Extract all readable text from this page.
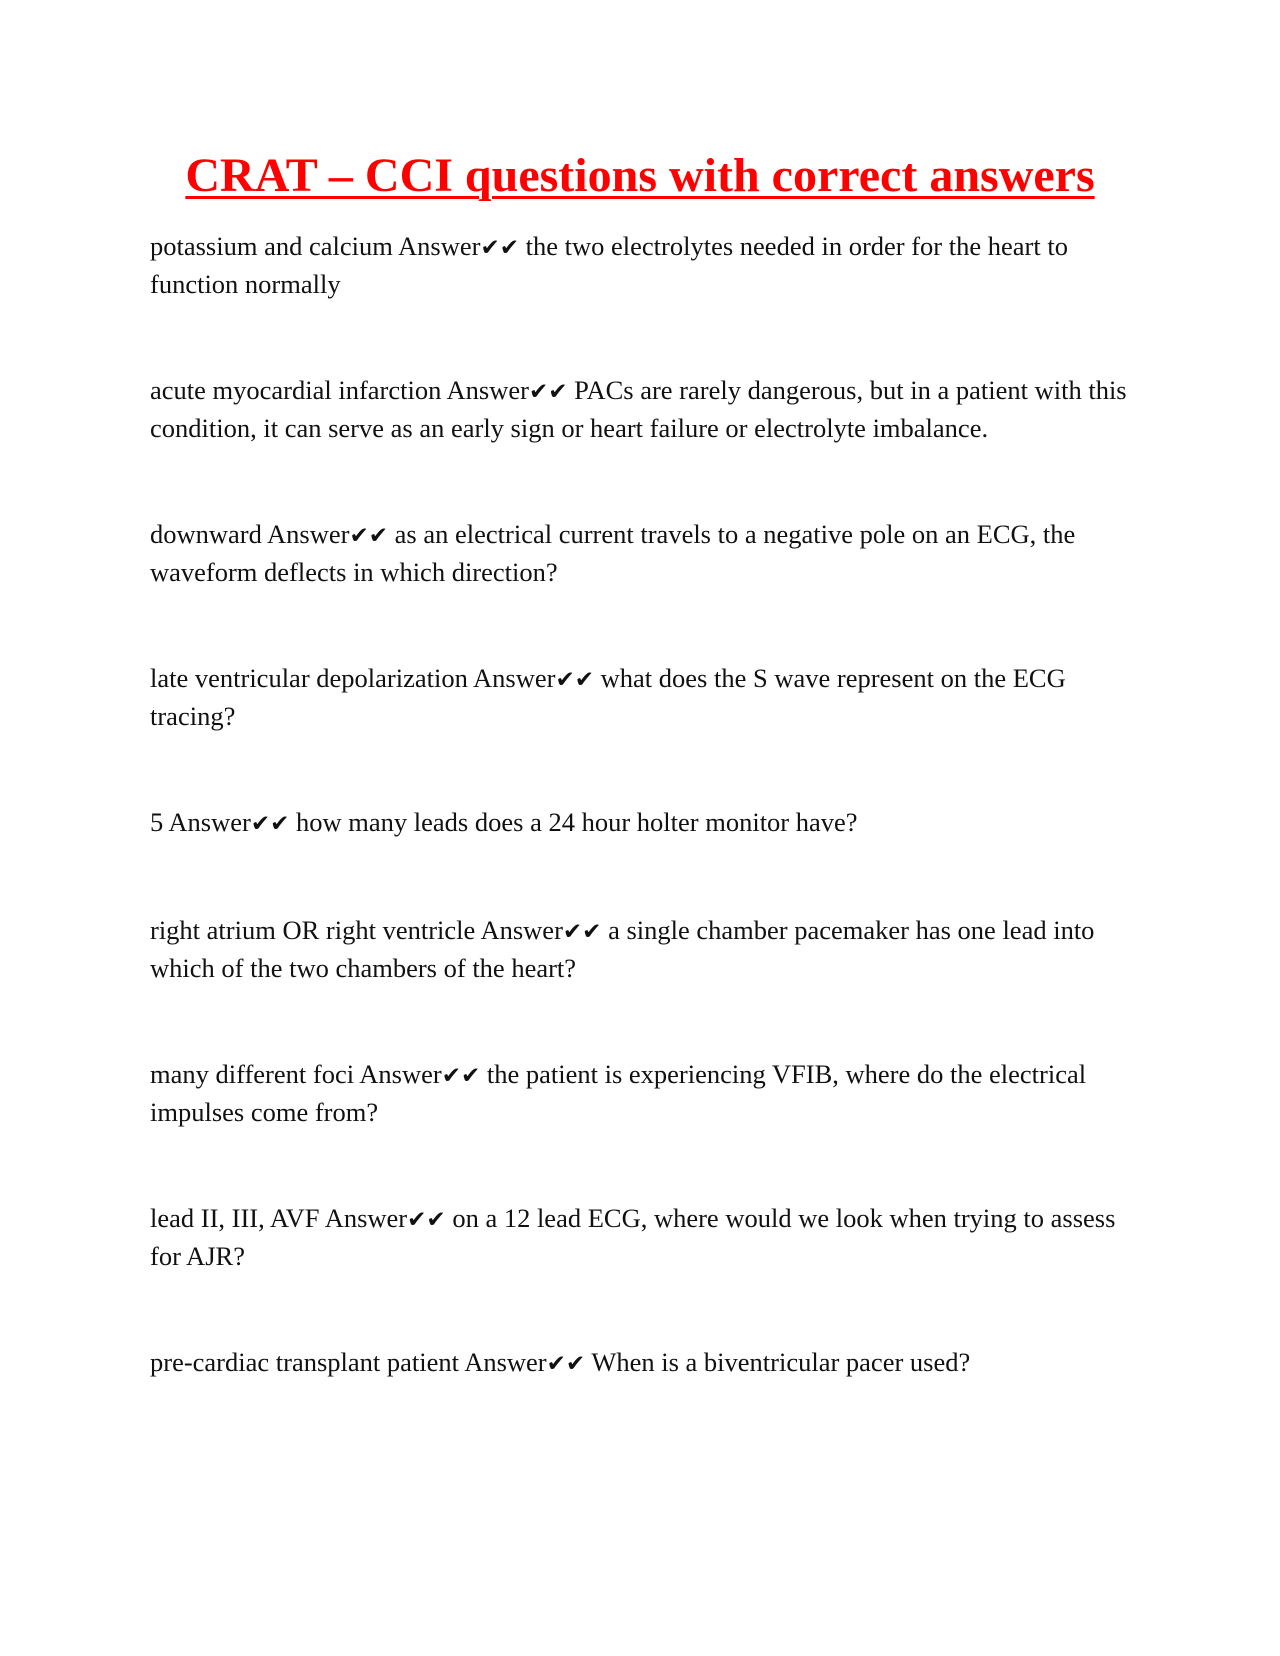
CRAT – CCI questions with correct answers

potassium and calcium Answer✔✔ the two electrolytes needed in order for the heart to function normally

acute myocardial infarction Answer✔✔ PACs are rarely dangerous, but in a patient with this condition, it can serve as an early sign or heart failure or electrolyte imbalance.

downward Answer✔✔ as an electrical current travels to a negative pole on an ECG, the waveform deflects in which direction?

late ventricular depolarization Answer✔✔ what does the S wave represent on the ECG tracing?

5 Answer✔✔ how many leads does a 24 hour holter monitor have?

right atrium OR right ventricle Answer✔✔ a single chamber pacemaker has one lead into which of the two chambers of the heart?

many different foci Answer✔✔ the patient is experiencing VFIB, where do the electrical impulses come from?

lead II, III, AVF Answer✔✔ on a 12 lead ECG, where would we look when trying to assess for AJR?

pre-cardiac transplant patient Answer✔✔ When is a biventricular pacer used?
